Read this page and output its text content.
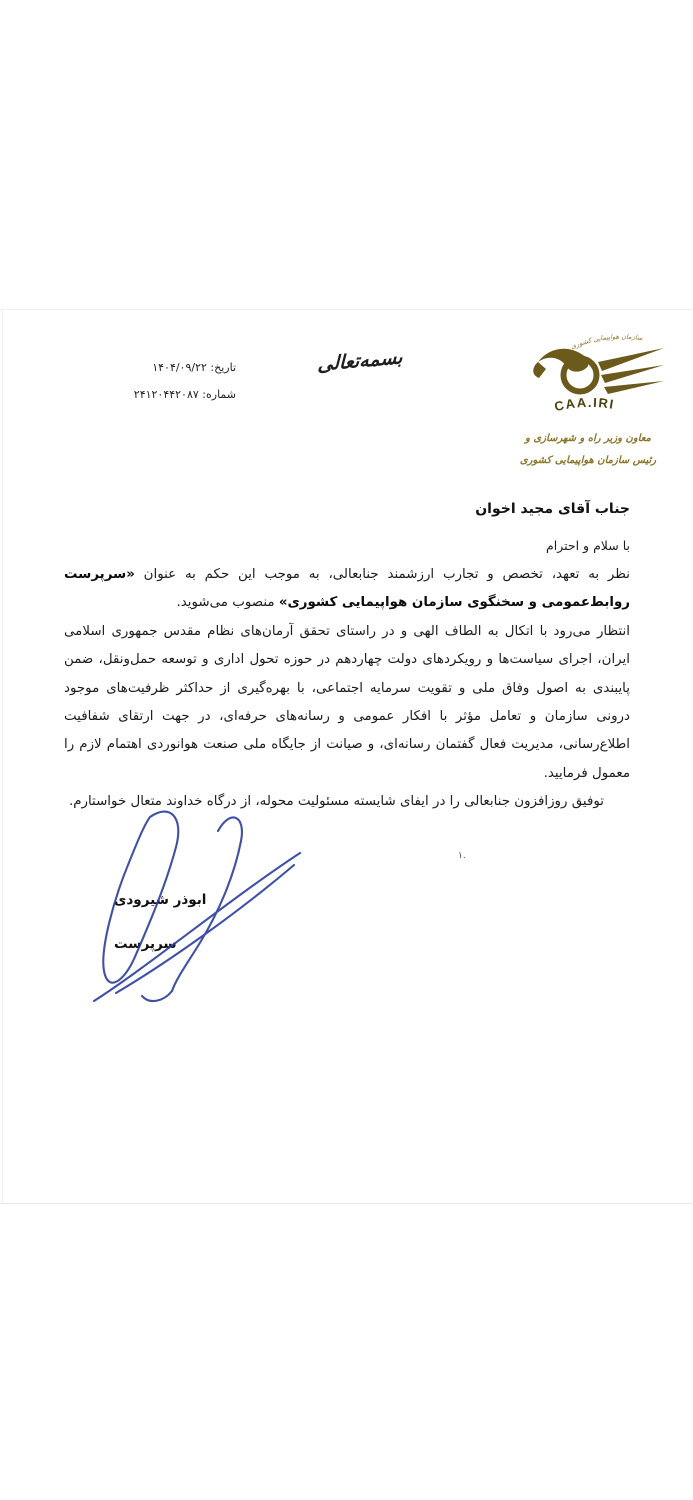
بسمه‌تعالی
تاریخ: ۱۴۰۴/۰۹/۲۲
شماره: ۲۴۱۲۰۴۴۲۰۸۷
سازمان هواپیمایی کشوری
CAA.IRI
معاون وزیر راه و شهرسازی و
رئیس سازمان هواپیمایی کشوری
جناب آقای مجید اخوان
با سلام و احترام

نظر به تعهد، تخصص و تجارب ارزشمند جنابعالی، به موجب این حکم به عنوان «سرپرست روابط‌عمومی و سخنگوی سازمان هواپیمایی کشوری» منصوب می‌شوید.

انتظار می‌رود با اتکال به الطاف الهی و در راستای تحقق آرمان‌های نظام مقدس جمهوری اسلامی ایران، اجرای سیاست‌ها و رویکردهای دولت چهاردهم در حوزه تحول اداری و توسعه حمل‌ونقل، ضمن پایبندی به اصول وفاق ملی و تقویت سرمایه اجتماعی، با بهره‌گیری از حداکثر ظرفیت‌های موجود درونی سازمان و تعامل مؤثر با افکار عمومی و رسانه‌های حرفه‌ای، در جهت ارتقای شفافیت اطلاع‌رسانی، مدیریت فعال گفتمان رسانه‌ای، و صیانت از جایگاه ملی صنعت هوانوردی اهتمام لازم را معمول فرمایید.

توفیق روزافزون جنابعالی را در ایفای شایسته مسئولیت محوله، از درگاه خداوند متعال خواستارم.

۱.
ابوذر شیرودی
سرپرست
